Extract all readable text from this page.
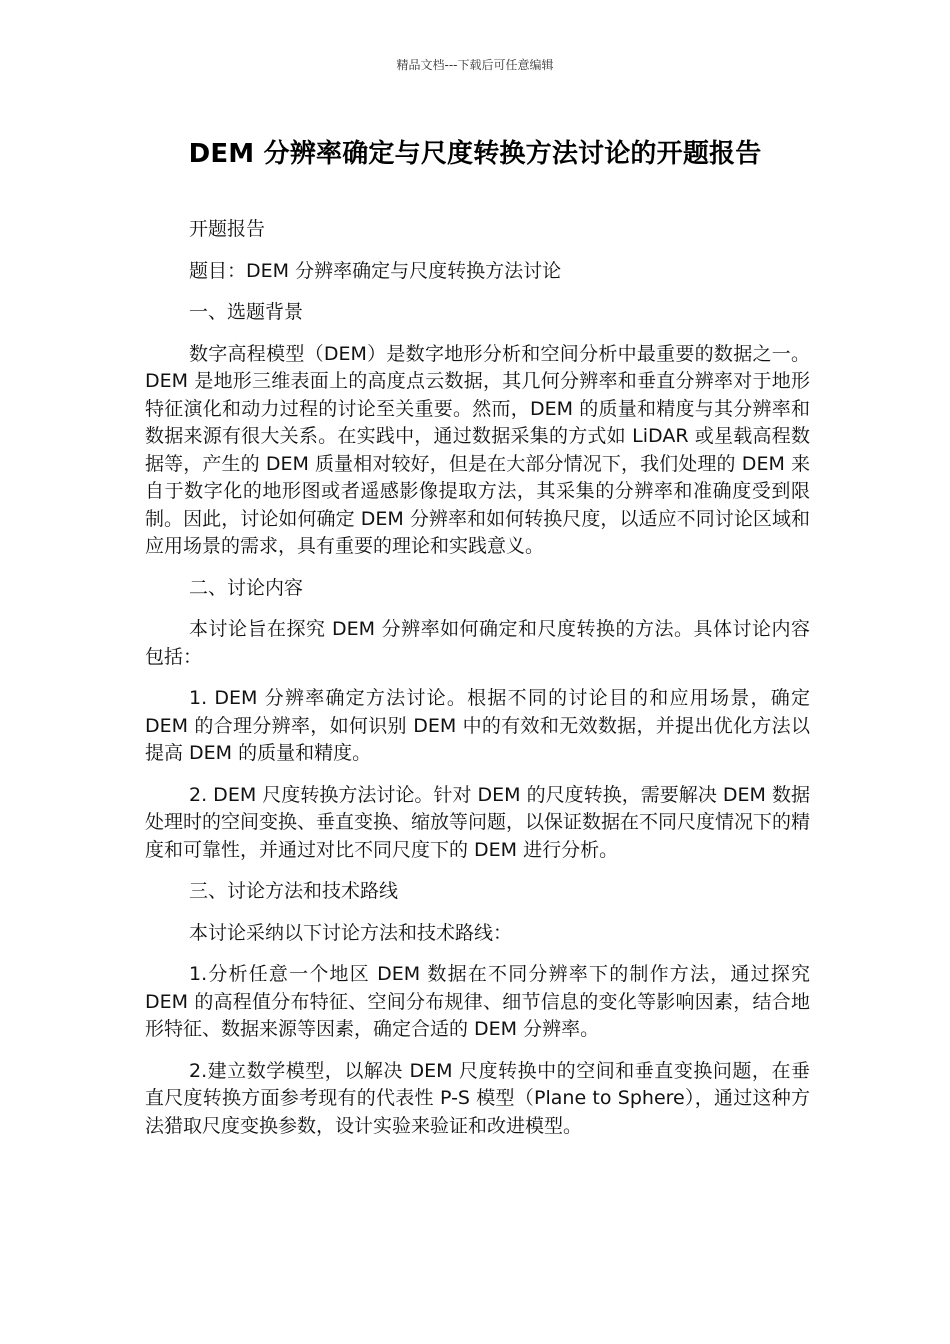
精品文档---下载后可任意编辑
DEM 分辨率确定与尺度转换方法讨论的开题报告

开题报告

题目：DEM 分辨率确定与尺度转换方法讨论

一、选题背景

数字高程模型（DEM）是数字地形分析和空间分析中最重要的数据之一。DEM 是地形三维表面上的高度点云数据，其几何分辨率和垂直分辨率对于地形特征演化和动力过程的讨论至关重要。然而，DEM 的质量和精度与其分辨率和数据来源有很大关系。在实践中，通过数据采集的方式如 LiDAR 或星载高程数据等，产生的 DEM 质量相对较好，但是在大部分情况下，我们处理的 DEM 来自于数字化的地形图或者遥感影像提取方法，其采集的分辨率和准确度受到限制。因此，讨论如何确定 DEM 分辨率和如何转换尺度，以适应不同讨论区域和应用场景的需求，具有重要的理论和实践意义。

二、讨论内容

本讨论旨在探究 DEM 分辨率如何确定和尺度转换的方法。具体讨论内容包括：

1. DEM 分辨率确定方法讨论。根据不同的讨论目的和应用场景，确定 DEM 的合理分辨率，如何识别 DEM 中的有效和无效数据，并提出优化方法以提高 DEM 的质量和精度。

2. DEM 尺度转换方法讨论。针对 DEM 的尺度转换，需要解决 DEM 数据处理时的空间变换、垂直变换、缩放等问题，以保证数据在不同尺度情况下的精度和可靠性，并通过对比不同尺度下的 DEM 进行分析。

三、讨论方法和技术路线

本讨论采纳以下讨论方法和技术路线：

1.分析任意一个地区 DEM 数据在不同分辨率下的制作方法，通过探究 DEM 的高程值分布特征、空间分布规律、细节信息的变化等影响因素，结合地形特征、数据来源等因素，确定合适的 DEM 分辨率。

2.建立数学模型，以解决 DEM 尺度转换中的空间和垂直变换问题，在垂直尺度转换方面参考现有的代表性 P-S 模型（Plane to Sphere），通过这种方法猎取尺度变换参数，设计实验来验证和改进模型。
